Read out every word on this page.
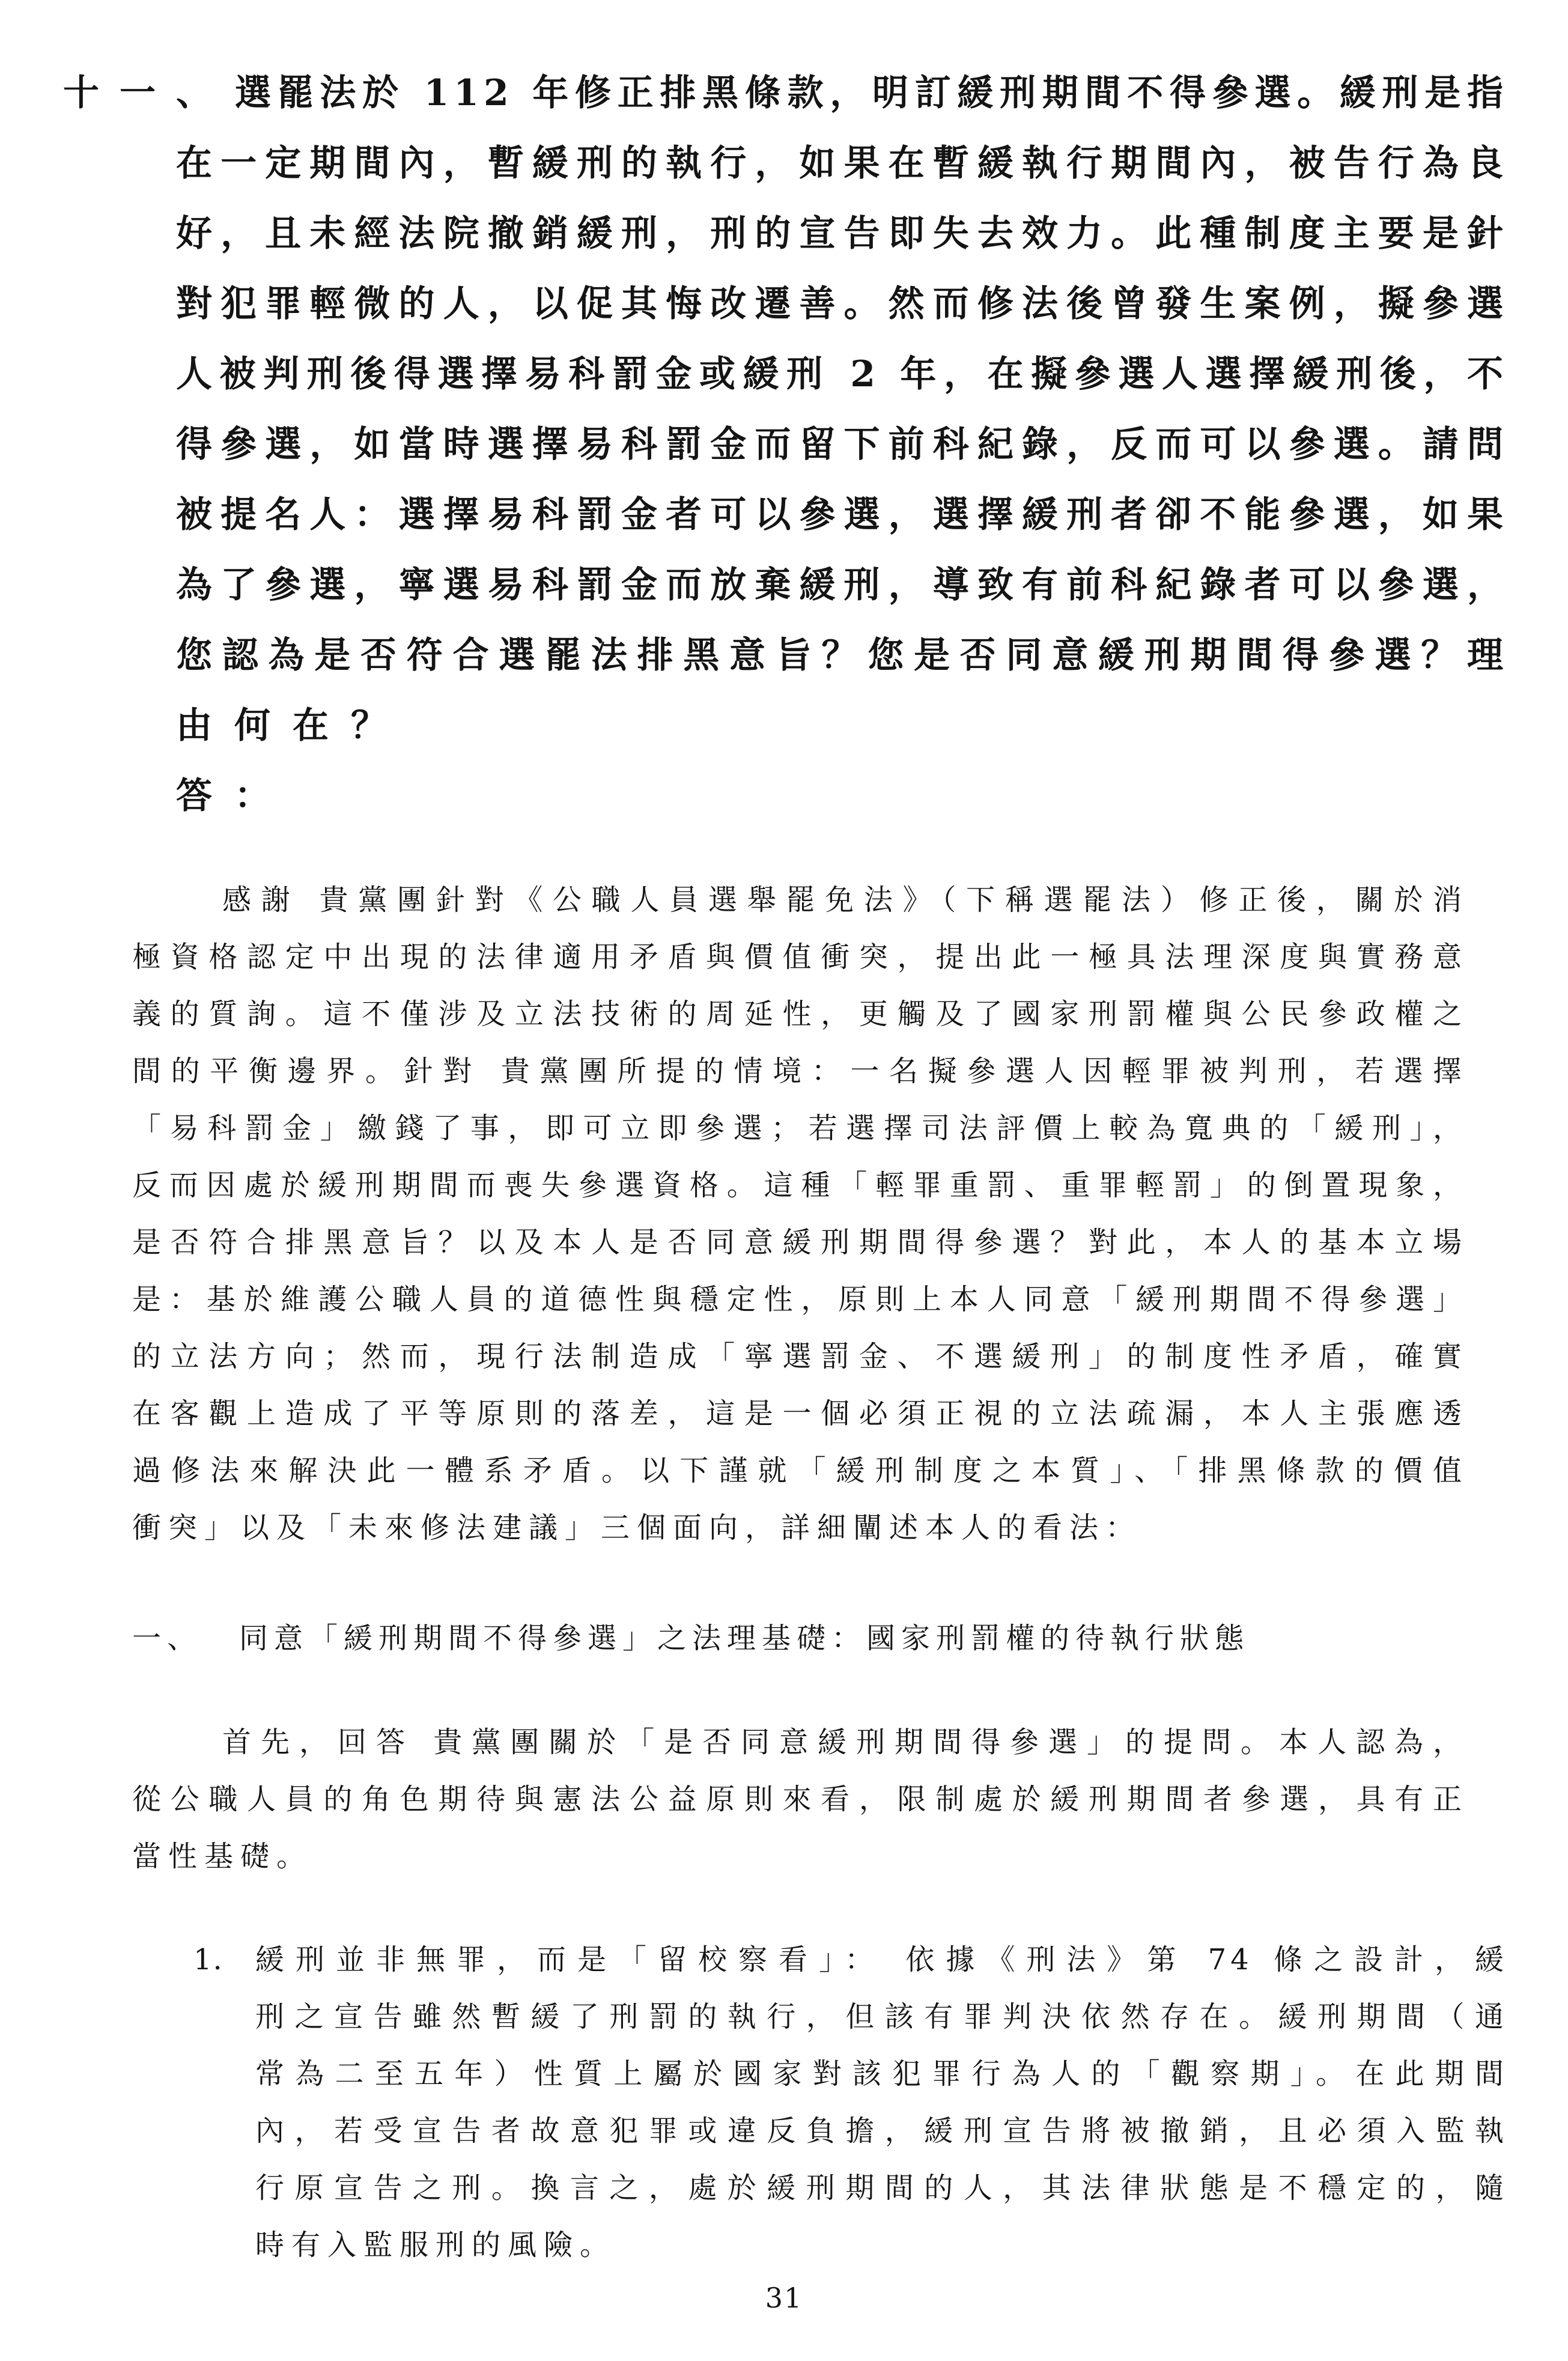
十一、 選罷法於 112 年修正排黑條款，明訂緩刑期間不得參選。緩刑是指
在一定期間內，暫緩刑的執行，如果在暫緩執行期間內，被告行為良
好，且未經法院撤銷緩刑，刑的宣告即失去效力。此種制度主要是針
對犯罪輕微的人，以促其悔改遷善。然而修法後曾發生案例，擬參選
人被判刑後得選擇易科罰金或緩刑 2 年，在擬參選人選擇緩刑後，不
得參選，如當時選擇易科罰金而留下前科紀錄，反而可以參選。請問
被提名人：選擇易科罰金者可以參選，選擇緩刑者卻不能參選，如果
為了參選，寧選易科罰金而放棄緩刑，導致有前科紀錄者可以參選，
您認為是否符合選罷法排黑意旨？您是否同意緩刑期間得參選？理
由何在？
答：
感謝 貴黨團針對《公職人員選舉罷免法》（下稱選罷法）修正後，關於消
極資格認定中出現的法律適用矛盾與價值衝突，提出此一極具法理深度與實務意
義的質詢。這不僅涉及立法技術的周延性，更觸及了國家刑罰權與公民參政權之
間的平衡邊界。針對 貴黨團所提的情境：一名擬參選人因輕罪被判刑，若選擇
「易科罰金」繳錢了事，即可立即參選；若選擇司法評價上較為寬典的「緩刑」，
反而因處於緩刑期間而喪失參選資格。這種「輕罪重罰、重罪輕罰」的倒置現象，
是否符合排黑意旨？以及本人是否同意緩刑期間得參選？對此，本人的基本立場
是：基於維護公職人員的道德性與穩定性，原則上本人同意「緩刑期間不得參選」
的立法方向；然而，現行法制造成「寧選罰金、不選緩刑」的制度性矛盾，確實
在客觀上造成了平等原則的落差，這是一個必須正視的立法疏漏，本人主張應透
過修法來解決此一體系矛盾。以下謹就「緩刑制度之本質」、「排黑條款的價值
衝突」以及「未來修法建議」三個面向，詳細闡述本人的看法：
一、 同意「緩刑期間不得參選」之法理基礎：國家刑罰權的待執行狀態
首先，回答 貴黨團關於「是否同意緩刑期間得參選」的提問。本人認為，
從公職人員的角色期待與憲法公益原則來看，限制處於緩刑期間者參選，具有正
當性基礎。
1. 緩刑並非無罪，而是「留校察看」： 依據《刑法》第 74 條之設計，緩
刑之宣告雖然暫緩了刑罰的執行，但該有罪判決依然存在。緩刑期間（通
常為二至五年）性質上屬於國家對該犯罪行為人的「觀察期」。在此期間
內，若受宣告者故意犯罪或違反負擔，緩刑宣告將被撤銷，且必須入監執
行原宣告之刑。換言之，處於緩刑期間的人，其法律狀態是不穩定的，隨
時有入監服刑的風險。
31
